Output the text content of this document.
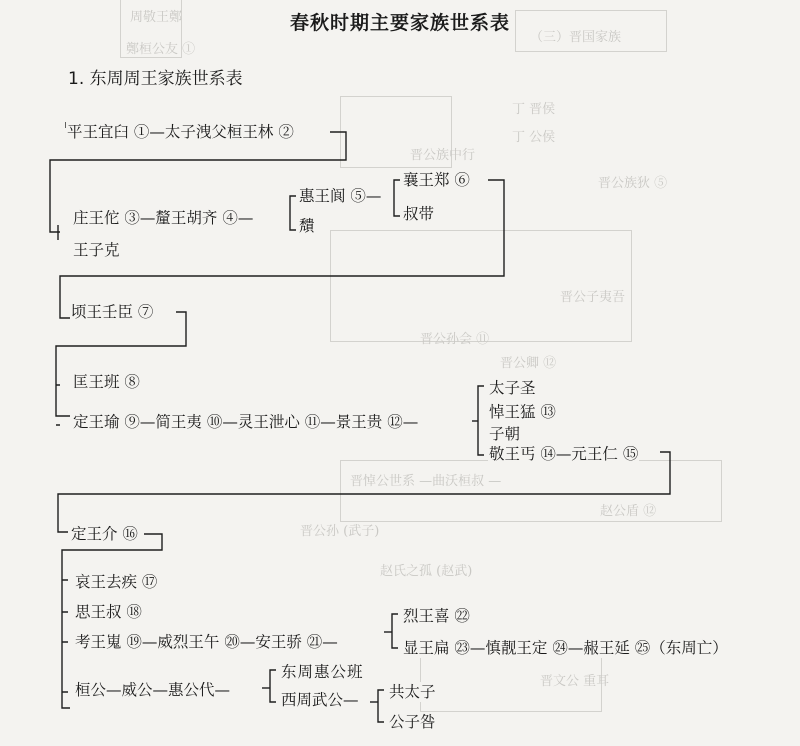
周敬王鄭
鄭桓公友 ①
（三）晋国家族
丁 晋侯
丁 公侯
晋公族狄 ⑤
晋公族中行
晋公子夷吾
晋公孙会 ⑪
晋公卿 ⑫
晋悼公世系 —曲沃桓叔 —
赵公盾 ⑫
晋公孙 (武子)
赵氏之孤 (赵武)
晋文公 重耳
春秋时期主要家族世系表
1. 东周周王家族世系表
平王宜臼 ①—太子洩父桓王林 ②
庄王佗 ③—釐王胡齐 ④—
王子克
惠王阆 ⑤—
穨
襄王郑 ⑥
叔带
顷王壬臣 ⑦
匡王班 ⑧
定王瑜 ⑨—简王夷 ⑩—灵王泄心 ⑪—景王贵 ⑫—
太子圣
悼王猛 ⑬
子朝
敬王丐 ⑭—元王仁 ⑮
定王介 ⑯
哀王去疾 ⑰
思王叔 ⑱
考王嵬 ⑲—威烈王午 ⑳—安王骄 ㉑—
桓公—威公—惠公代—
烈王喜 ㉒
显王扁 ㉓—慎靓王定 ㉔—赧王延 ㉕（东周亡）
东周惠公班
西周武公— 共太子
公子咎
